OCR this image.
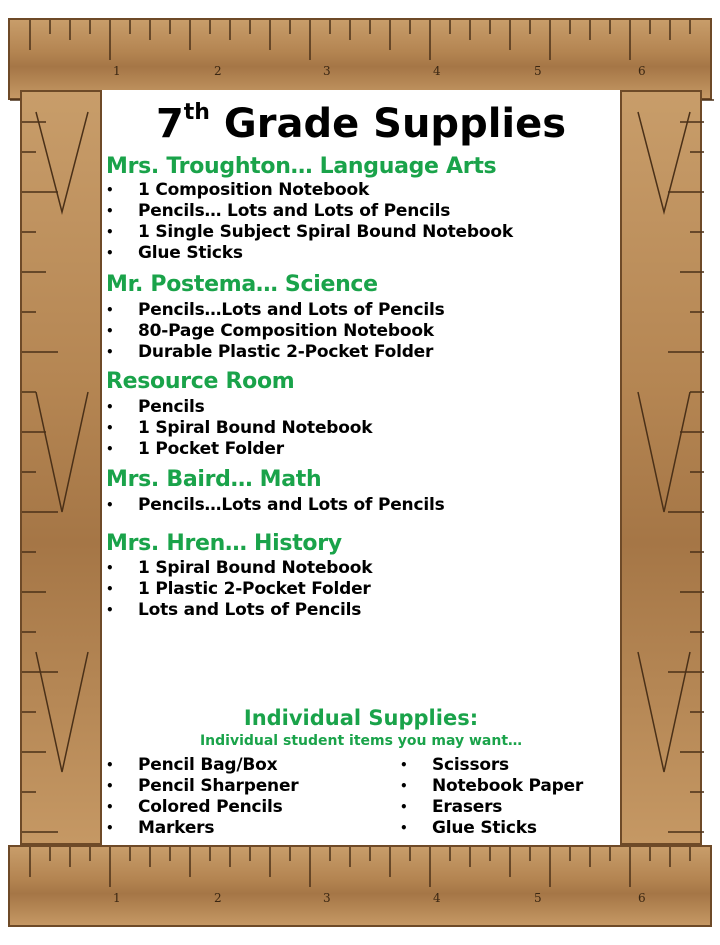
1	2	3	4	5	6
1	2	3	4	5	6
7th Grade Supplies
Mrs. Troughton… Language Arts
• 1 Composition Notebook
• Pencils… Lots and Lots of Pencils
• 1 Single Subject Spiral Bound Notebook
• Glue Sticks
Mr. Postema… Science
• Pencils…Lots and Lots of Pencils
• 80-Page Composition Notebook
• Durable Plastic 2-Pocket Folder
Resource Room
• Pencils
• 1 Spiral Bound Notebook
• 1 Pocket Folder
Mrs. Baird… Math
• Pencils…Lots and Lots of Pencils
Mrs. Hren… History
• 1 Spiral Bound Notebook
• 1 Plastic 2-Pocket Folder
• Lots and Lots of Pencils
Individual Supplies:
Individual student items you may want…
• Pencil Bag/Box
• Pencil Sharpener
• Colored Pencils
• Markers
• Scissors
• Notebook Paper
• Erasers
• Glue Sticks
